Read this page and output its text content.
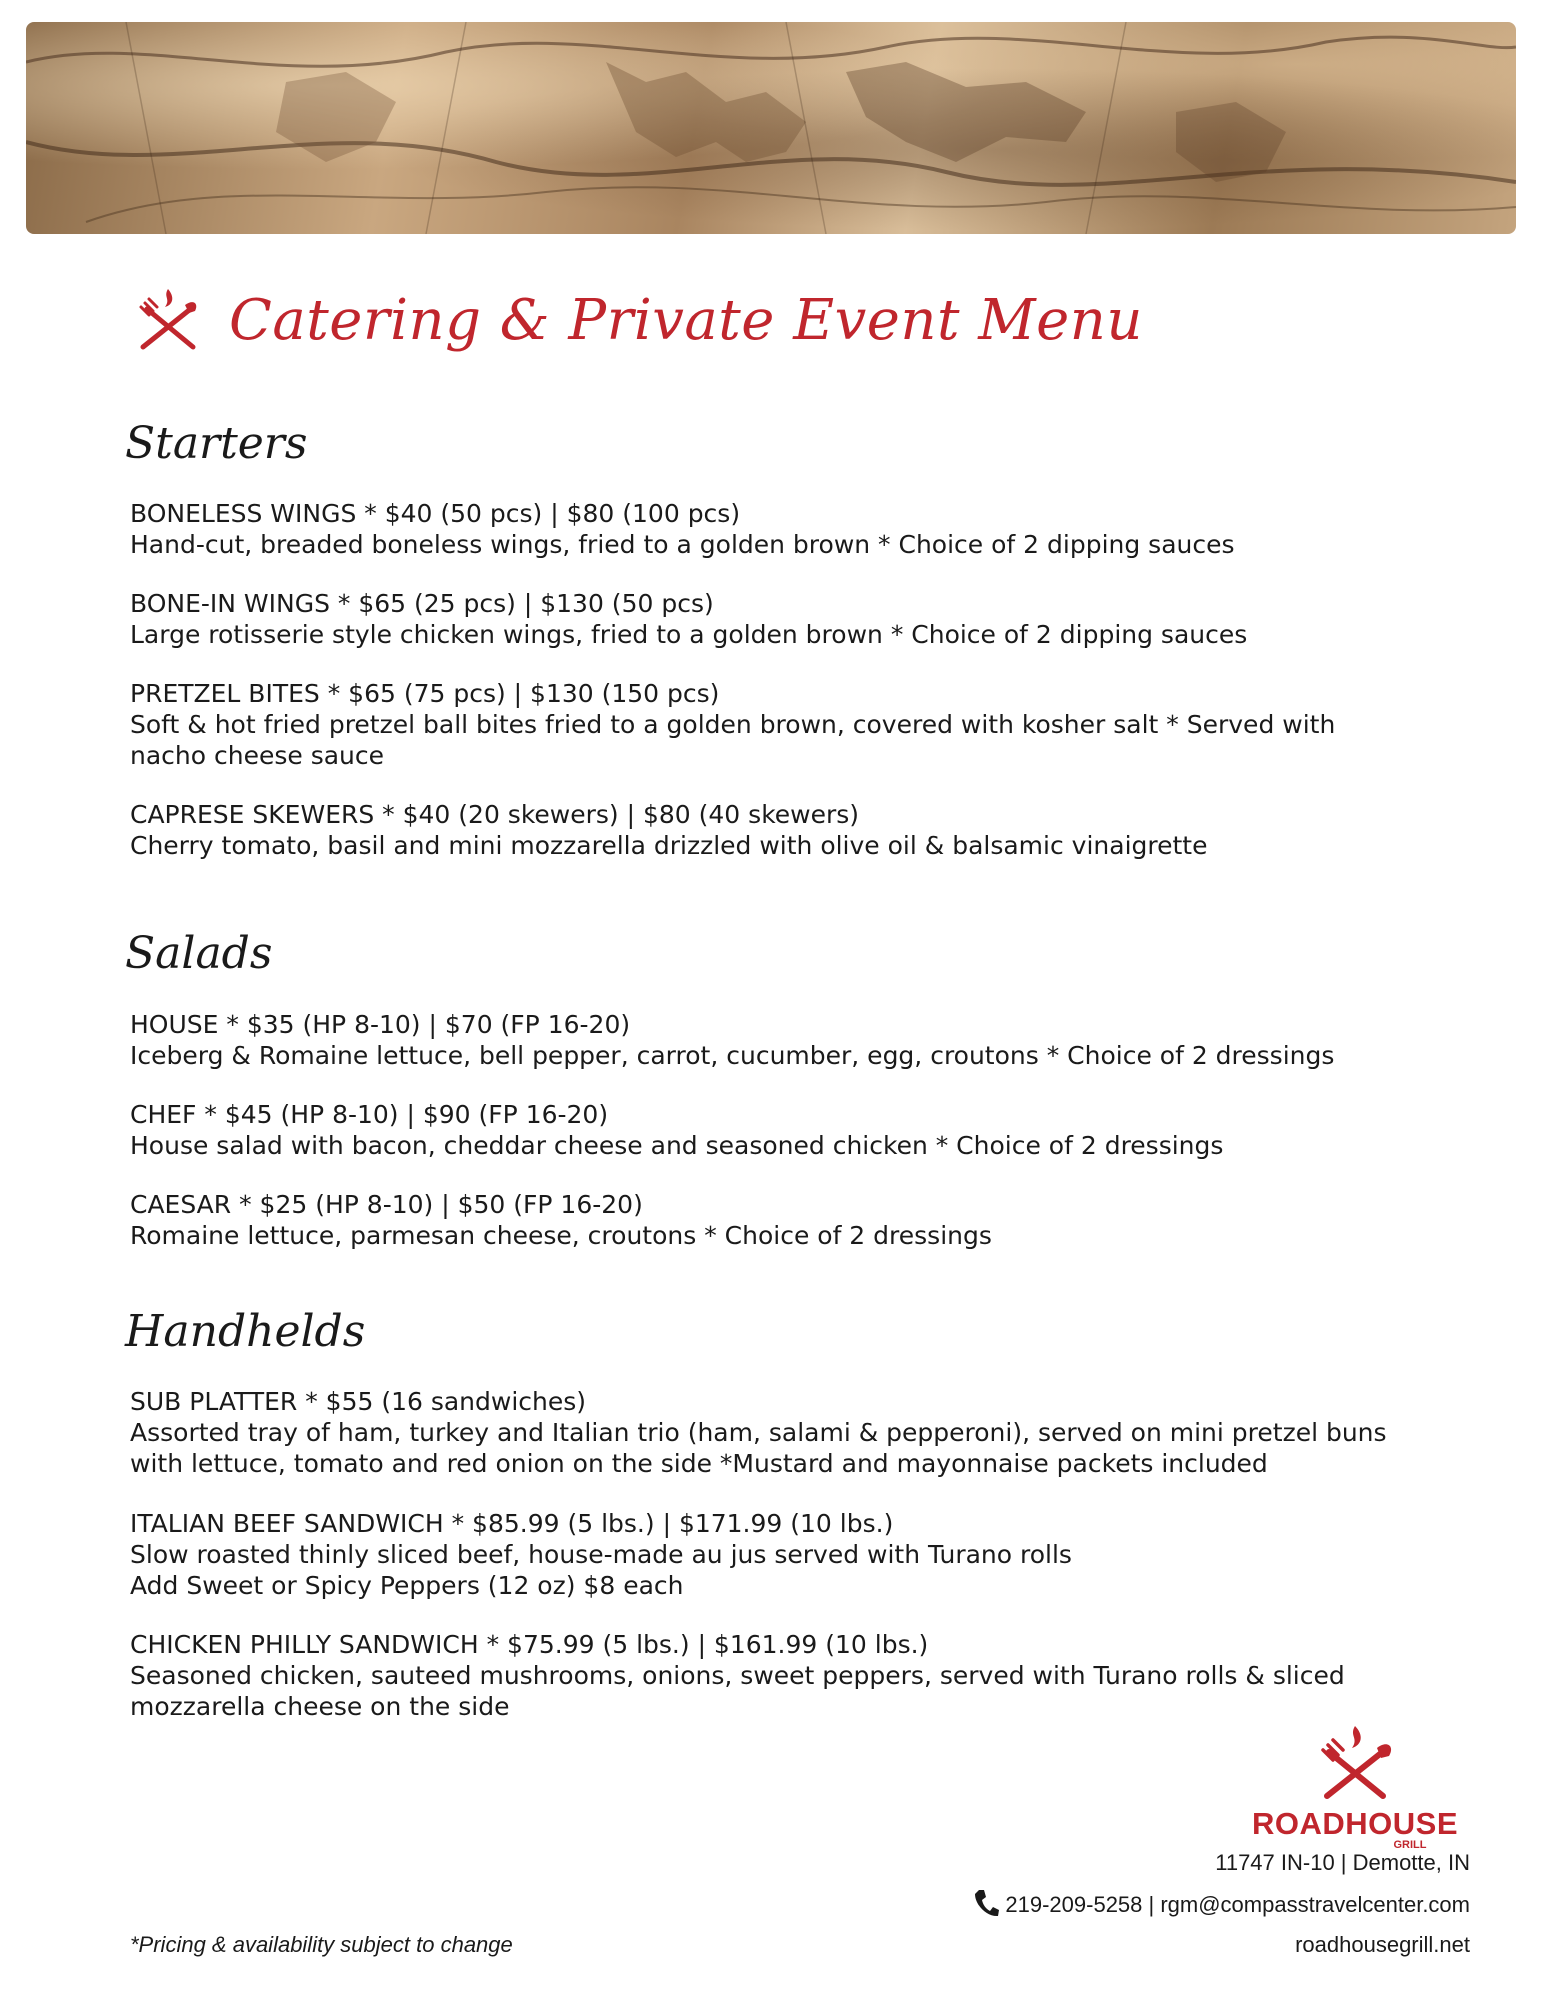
Catering & Private Event Menu
Starters
BONELESS WINGS * $40 (50 pcs) | $80 (100 pcs)
Hand-cut, breaded boneless wings, fried to a golden brown * Choice of 2 dipping sauces
BONE-IN WINGS * $65 (25 pcs) | $130 (50 pcs)
Large rotisserie style chicken wings, fried to a golden brown * Choice of 2 dipping sauces
PRETZEL BITES * $65 (75 pcs) | $130 (150 pcs)
Soft & hot fried pretzel ball bites fried to a golden brown, covered with kosher salt * Served with nacho cheese sauce
CAPRESE SKEWERS * $40 (20 skewers) | $80 (40 skewers)
Cherry tomato, basil and mini mozzarella drizzled with olive oil & balsamic vinaigrette
Salads
HOUSE * $35 (HP 8-10) | $70 (FP 16-20)
Iceberg & Romaine lettuce, bell pepper, carrot, cucumber, egg, croutons * Choice of 2 dressings
CHEF * $45 (HP 8-10) | $90 (FP 16-20)
House salad with bacon, cheddar cheese and seasoned chicken * Choice of 2 dressings
CAESAR * $25 (HP 8-10) | $50 (FP 16-20)
Romaine lettuce, parmesan cheese, croutons * Choice of 2 dressings
Handhelds
SUB PLATTER * $55 (16 sandwiches)
Assorted tray of ham, turkey and Italian trio (ham, salami & pepperoni), served on mini pretzel buns with lettuce, tomato and red onion on the side *Mustard and mayonnaise packets included
ITALIAN BEEF SANDWICH * $85.99 (5 lbs.) | $171.99 (10 lbs.)
Slow roasted thinly sliced beef, house-made au jus served with Turano rolls
Add Sweet or Spicy Peppers (12 oz) $8 each
CHICKEN PHILLY SANDWICH * $75.99 (5 lbs.) | $161.99 (10 lbs.)
Seasoned chicken, sauteed mushrooms, onions, sweet peppers, served with Turano rolls & sliced mozzarella cheese on the side
ROADHOUSE
GRILL
11747 IN-10 | Demotte, IN
219-209-5258 | rgm@compasstravelcenter.com
roadhousegrill.net
*Pricing & availability subject to change
